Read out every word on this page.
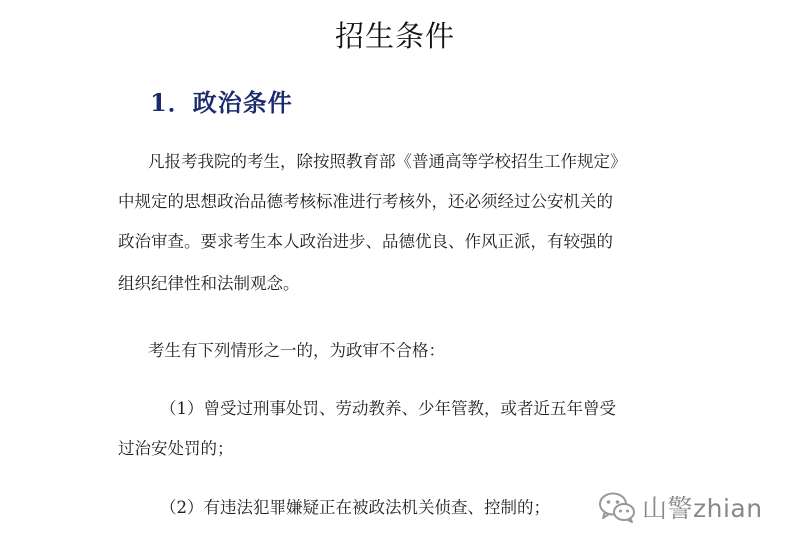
招生条件
1．政治条件
凡报考我院的考生，除按照教育部《普通高等学校招生工作规定》
中规定的思想政治品德考核标准进行考核外，还必须经过公安机关的
政治审查。要求考生本人政治进步、品德优良、作风正派，有较强的
组织纪律性和法制观念。
考生有下列情形之一的，为政审不合格：
（1）曾受过刑事处罚、劳动教养、少年管教，或者近五年曾受
过治安处罚的；
（2）有违法犯罪嫌疑正在被政法机关侦查、控制的；	山警zhian
